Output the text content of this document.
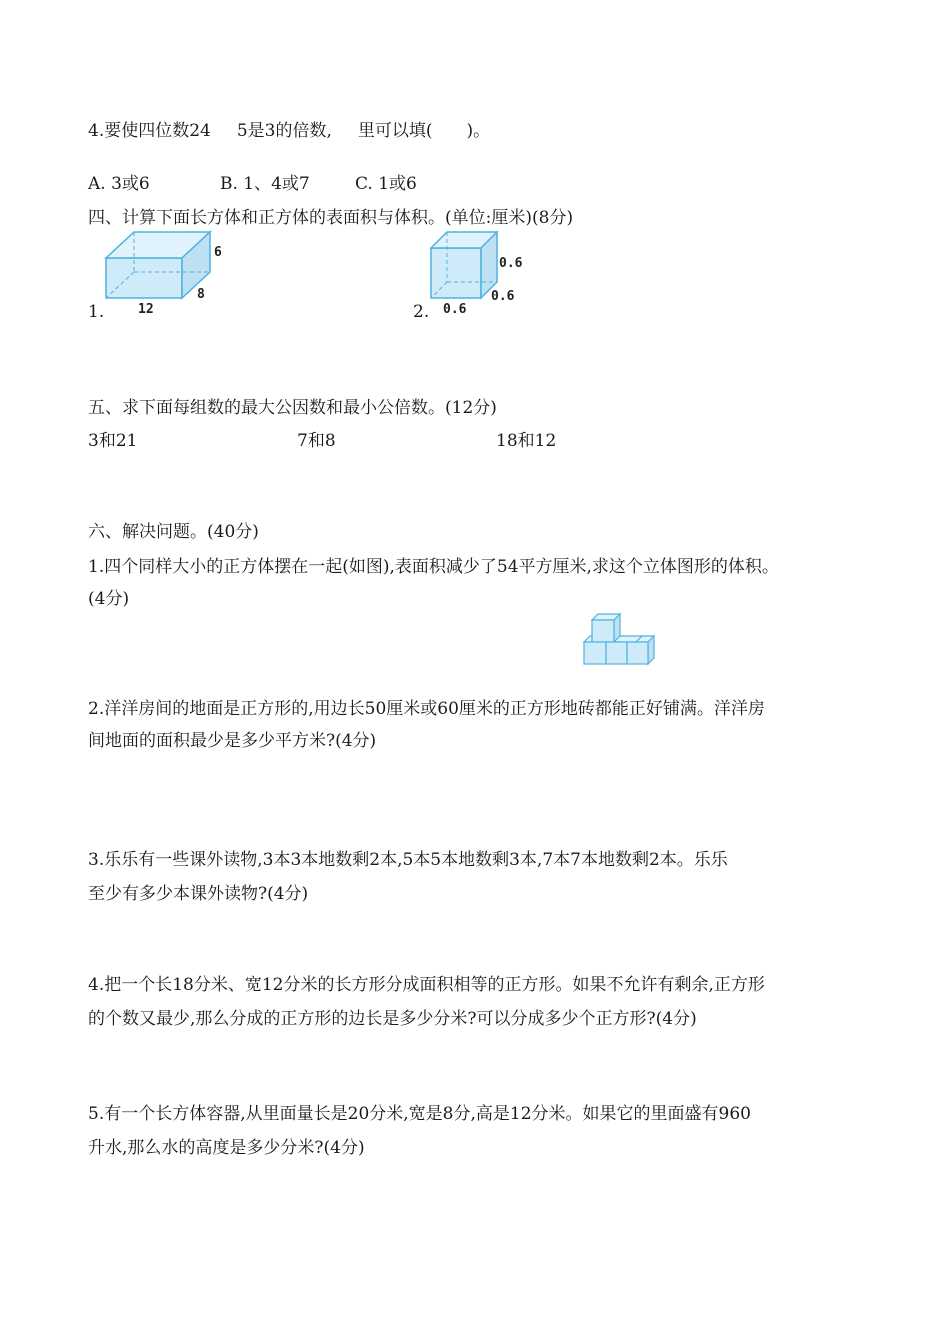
4.要使四位数24 5是3的倍数, 里可以填(　　)。
A. 3或6	B. 1、4或7	C. 1或6
四、计算下面长方体和正方体的表面积与体积。(单位:厘米)(8分)
1.
6
8
12	2.
0.6
0.6
0.6
五、求下面每组数的最大公因数和最小公倍数。(12分)
3和21	7和8	18和12
六、解决问题。(40分)
1.四个同样大小的正方体摆在一起(如图),表面积减少了54平方厘米,求这个立体图形的体积。
(4分)
2.洋洋房间的地面是正方形的,用边长50厘米或60厘米的正方形地砖都能正好铺满。洋洋房
间地面的面积最少是多少平方米?(4分)
3.乐乐有一些课外读物,3本3本地数剩2本,5本5本地数剩3本,7本7本地数剩2本。乐乐
至少有多少本课外读物?(4分)
4.把一个长18分米、宽12分米的长方形分成面积相等的正方形。如果不允许有剩余,正方形
的个数又最少,那么分成的正方形的边长是多少分米?可以分成多少个正方形?(4分)
5.有一个长方体容器,从里面量长是20分米,宽是8分,高是12分米。如果它的里面盛有960
升水,那么水的高度是多少分米?(4分)
